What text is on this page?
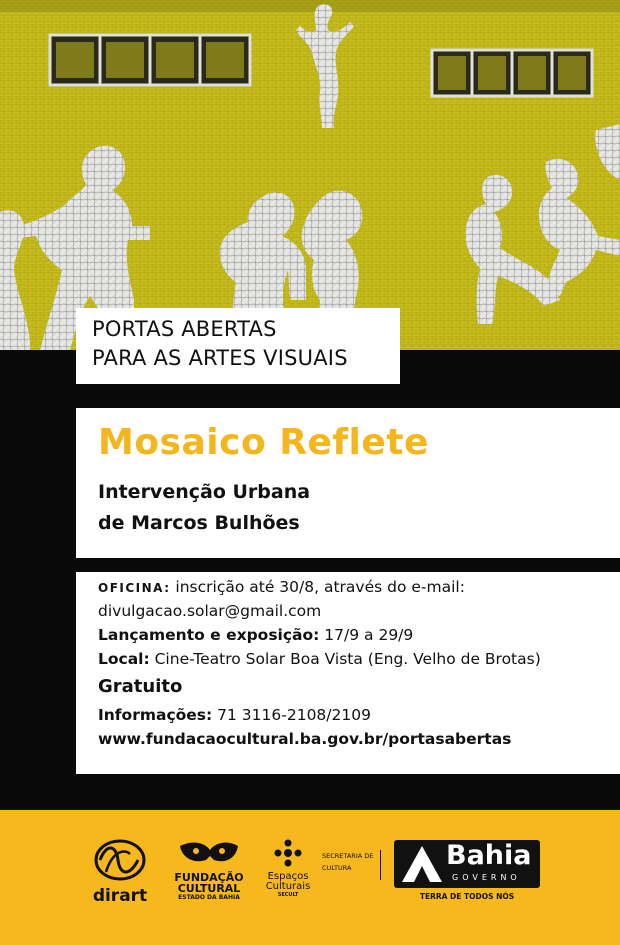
PORTAS ABERTAS
PARA AS ARTES VISUAIS
Mosaico Reflete
Intervenção Urbana
de Marcos Bulhões
OFICINA: inscrição até 30/8, através do e-mail:
divulgacao.solar@gmail.com
Lançamento e exposição: 17/9 a 29/9
Local: Cine-Teatro Solar Boa Vista (Eng. Velho de Brotas)
Gratuito
Informações: 71 3116-2108/2109
www.fundacaocultural.ba.gov.br/portasabertas
dirart
FUNDAÇÃO
CULTURAL
ESTADO DA BAHIA
Espaços
Culturais
SECULT
SECRETARIA DE
CULTURA	Bahia
GOVERNO
TERRA DE TODOS NÓS
